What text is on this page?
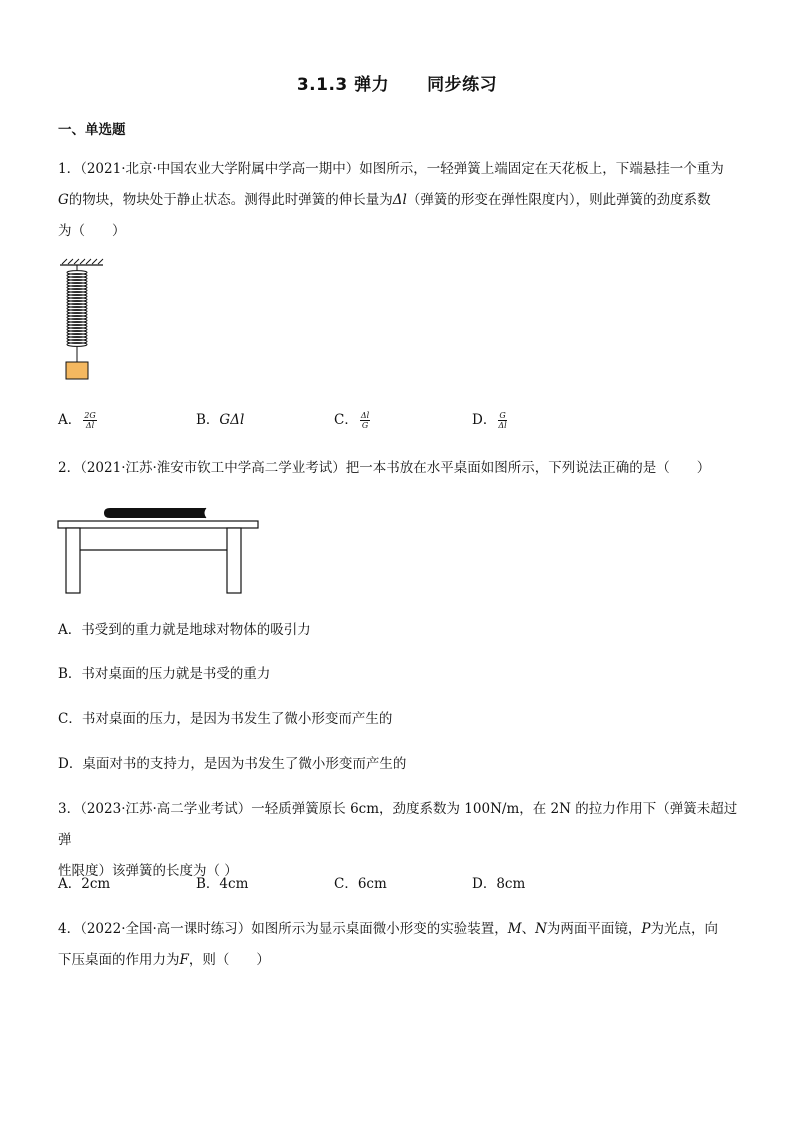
3.1.3 弹力 同步练习
一、单选题
1．（2021·北京·中国农业大学附属中学高一期中）如图所示，一轻弹簧上端固定在天花板上，下端悬挂一个重为
G的物块，物块处于静止状态。测得此时弹簧的伸长量为Δl（弹簧的形变在弹性限度内），则此弹簧的劲度系数
为（　　）
A． $\frac{2G}{\Delta l}$	B．GΔl	C． $\frac{\Delta l}{G}$	D． $\frac{G}{\Delta l}$
2．（2021·江苏·淮安市钦工中学高二学业考试）把一本书放在水平桌面如图所示，下列说法正确的是（　　）
A．书受到的重力就是地球对物体的吸引力
B．书对桌面的压力就是书受的重力
C．书对桌面的压力，是因为书发生了微小形变而产生的
D．桌面对书的支持力，是因为书发生了微小形变而产生的
3．（2023·江苏·高二学业考试）一轻质弹簧原长 6cm，劲度系数为 100N/m，在 2N 的拉力作用下（弹簧未超过弹
性限度）该弹簧的长度为（ ）
A．2cm	B．4cm	C．6cm	D．8cm
4．（2022·全国·高一课时练习）如图所示为显示桌面微小形变的实验装置，M、N为两面平面镜，P为光点，向
下压桌面的作用力为F，则（　　）
